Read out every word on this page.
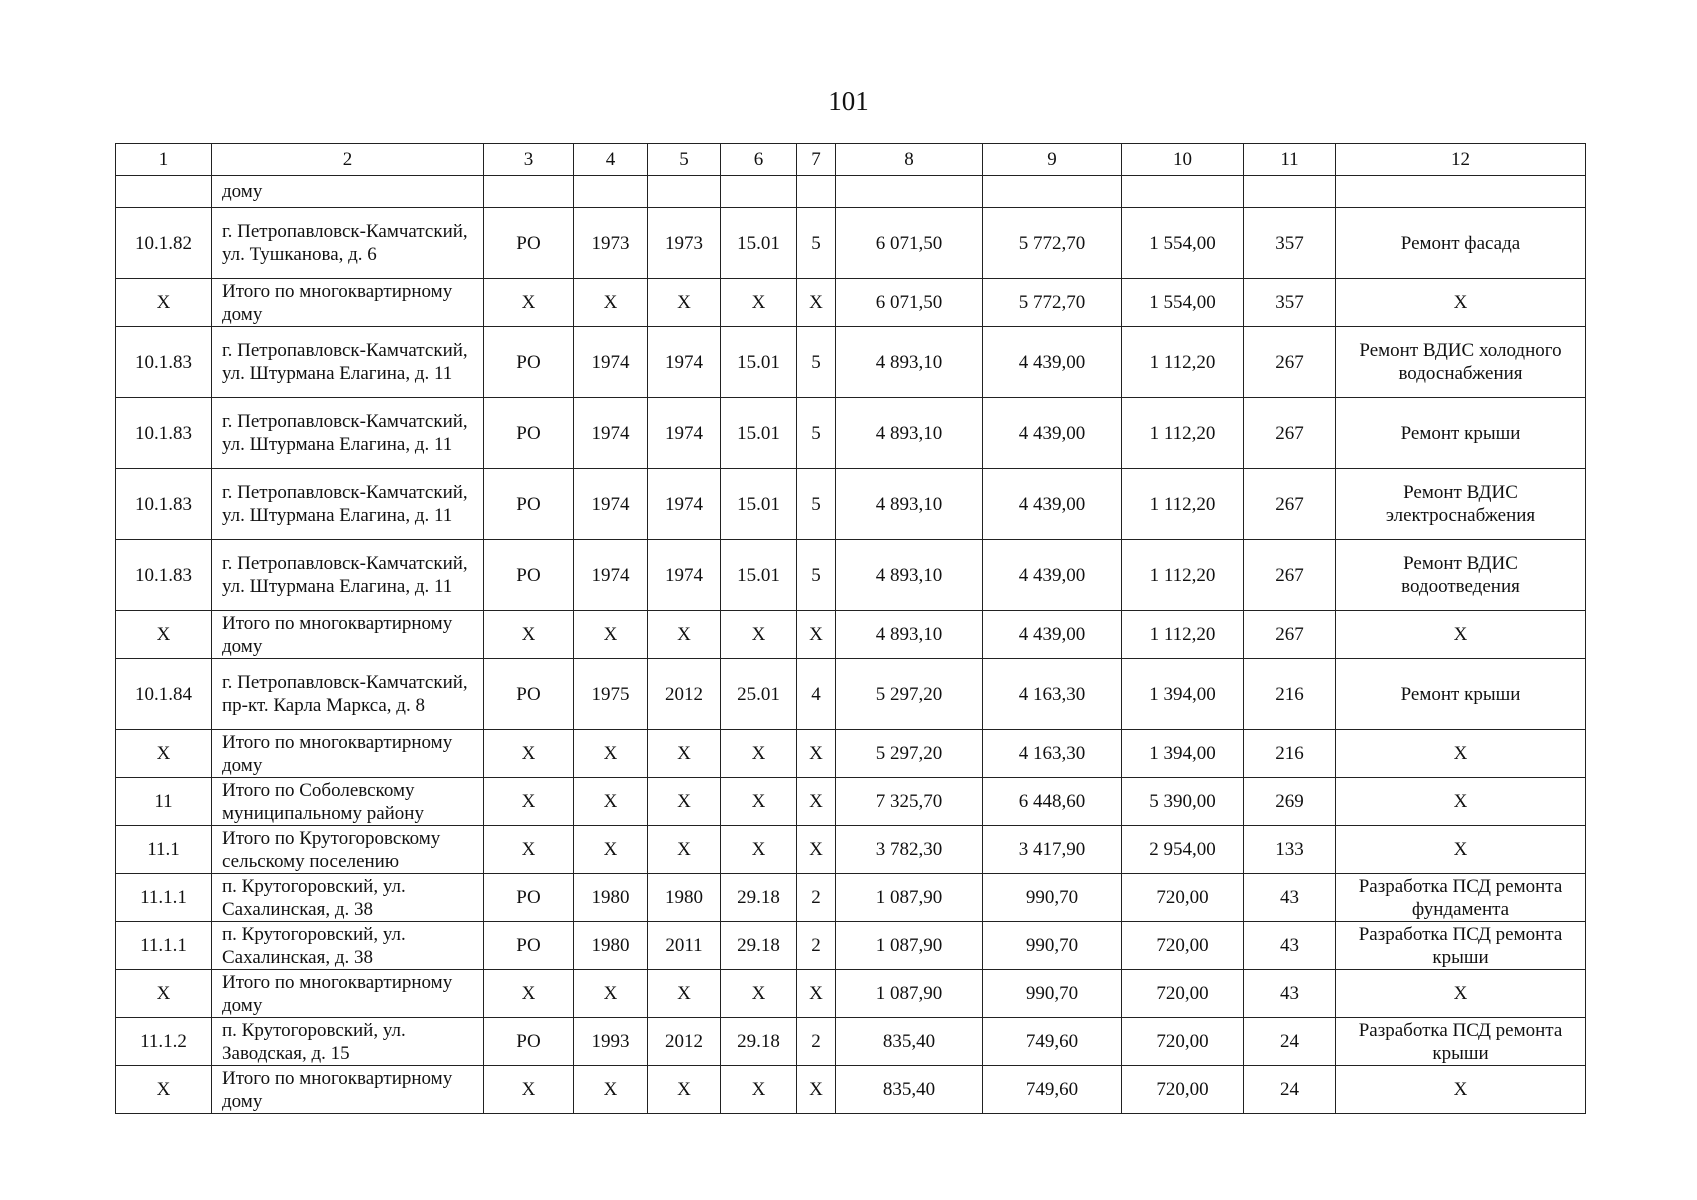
101
1	2	3	4	5	6	7	8	9	10	11	12
	дому										
10.1.82	г. Петропавловск-Камчатский, ул. Тушканова, д. 6	РО	1973	1973	15.01	5	6 071,50	5 772,70	1 554,00	357	Ремонт фасада
Х	Итого по многоквартирному дому	Х	Х	Х	Х	Х	6 071,50	5 772,70	1 554,00	357	Х
10.1.83	г. Петропавловск-Камчатский, ул. Штурмана Елагина, д. 11	РО	1974	1974	15.01	5	4 893,10	4 439,00	1 112,20	267	Ремонт ВДИС холодного водоснабжения
10.1.83	г. Петропавловск-Камчатский, ул. Штурмана Елагина, д. 11	РО	1974	1974	15.01	5	4 893,10	4 439,00	1 112,20	267	Ремонт крыши
10.1.83	г. Петропавловск-Камчатский, ул. Штурмана Елагина, д. 11	РО	1974	1974	15.01	5	4 893,10	4 439,00	1 112,20	267	Ремонт ВДИС электроснабжения
10.1.83	г. Петропавловск-Камчатский, ул. Штурмана Елагина, д. 11	РО	1974	1974	15.01	5	4 893,10	4 439,00	1 112,20	267	Ремонт ВДИС водоотведения
Х	Итого по многоквартирному дому	Х	Х	Х	Х	Х	4 893,10	4 439,00	1 112,20	267	Х
10.1.84	г. Петропавловск-Камчатский, пр-кт. Карла Маркса, д. 8	РО	1975	2012	25.01	4	5 297,20	4 163,30	1 394,00	216	Ремонт крыши
Х	Итого по многоквартирному дому	Х	Х	Х	Х	Х	5 297,20	4 163,30	1 394,00	216	Х
11	Итого по Соболевскому муниципальному району	Х	Х	Х	Х	Х	7 325,70	6 448,60	5 390,00	269	Х
11.1	Итого по Крутогоровскому сельскому поселению	Х	Х	Х	Х	Х	3 782,30	3 417,90	2 954,00	133	Х
11.1.1	п. Крутогоровский, ул. Сахалинская, д. 38	РО	1980	1980	29.18	2	1 087,90	990,70	720,00	43	Разработка ПСД ремонта фундамента
11.1.1	п. Крутогоровский, ул. Сахалинская, д. 38	РО	1980	2011	29.18	2	1 087,90	990,70	720,00	43	Разработка ПСД ремонта крыши
Х	Итого по многоквартирному дому	Х	Х	Х	Х	Х	1 087,90	990,70	720,00	43	Х
11.1.2	п. Крутогоровский, ул. Заводская, д. 15	РО	1993	2012	29.18	2	835,40	749,60	720,00	24	Разработка ПСД ремонта крыши
Х	Итого по многоквартирному дому	Х	Х	Х	Х	Х	835,40	749,60	720,00	24	Х
